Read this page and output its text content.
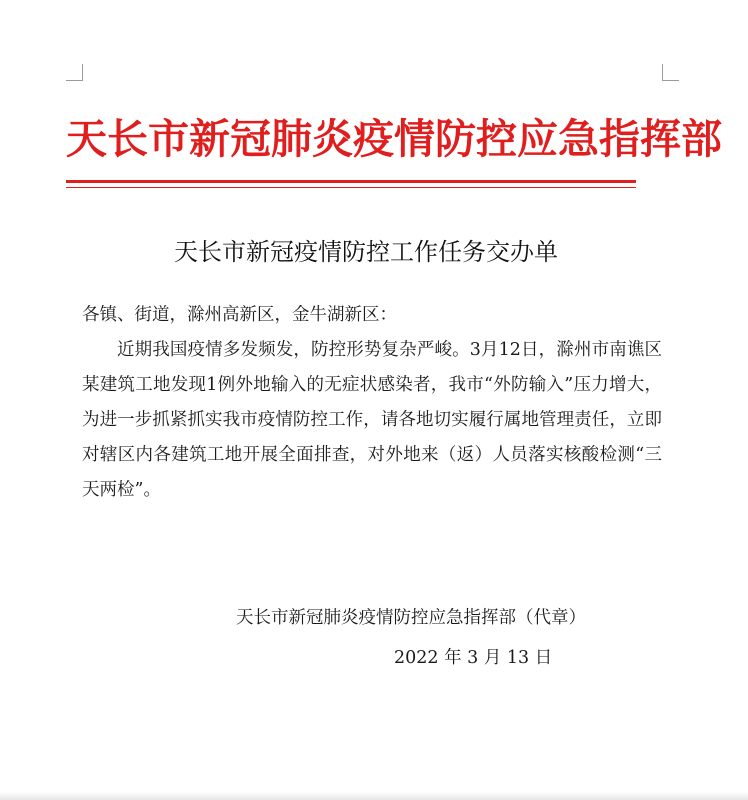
天长市新冠肺炎疫情防控应急指挥部
天长市新冠疫情防控工作任务交办单

各镇、街道，滁州高新区，金牛湖新区：

近期我国疫情多发频发，防控形势复杂严峻。3月12日，滁州市南谯区某建筑工地发现1例外地输入的无症状感染者，我市“外防输入”压力增大，为进一步抓紧抓实我市疫情防控工作，请各地切实履行属地管理责任，立即对辖区内各建筑工地开展全面排查，对外地来（返）人员落实核酸检测“三天两检”。

天长市新冠肺炎疫情防控应急指挥部（代章）
2022 年 3 月 13 日
